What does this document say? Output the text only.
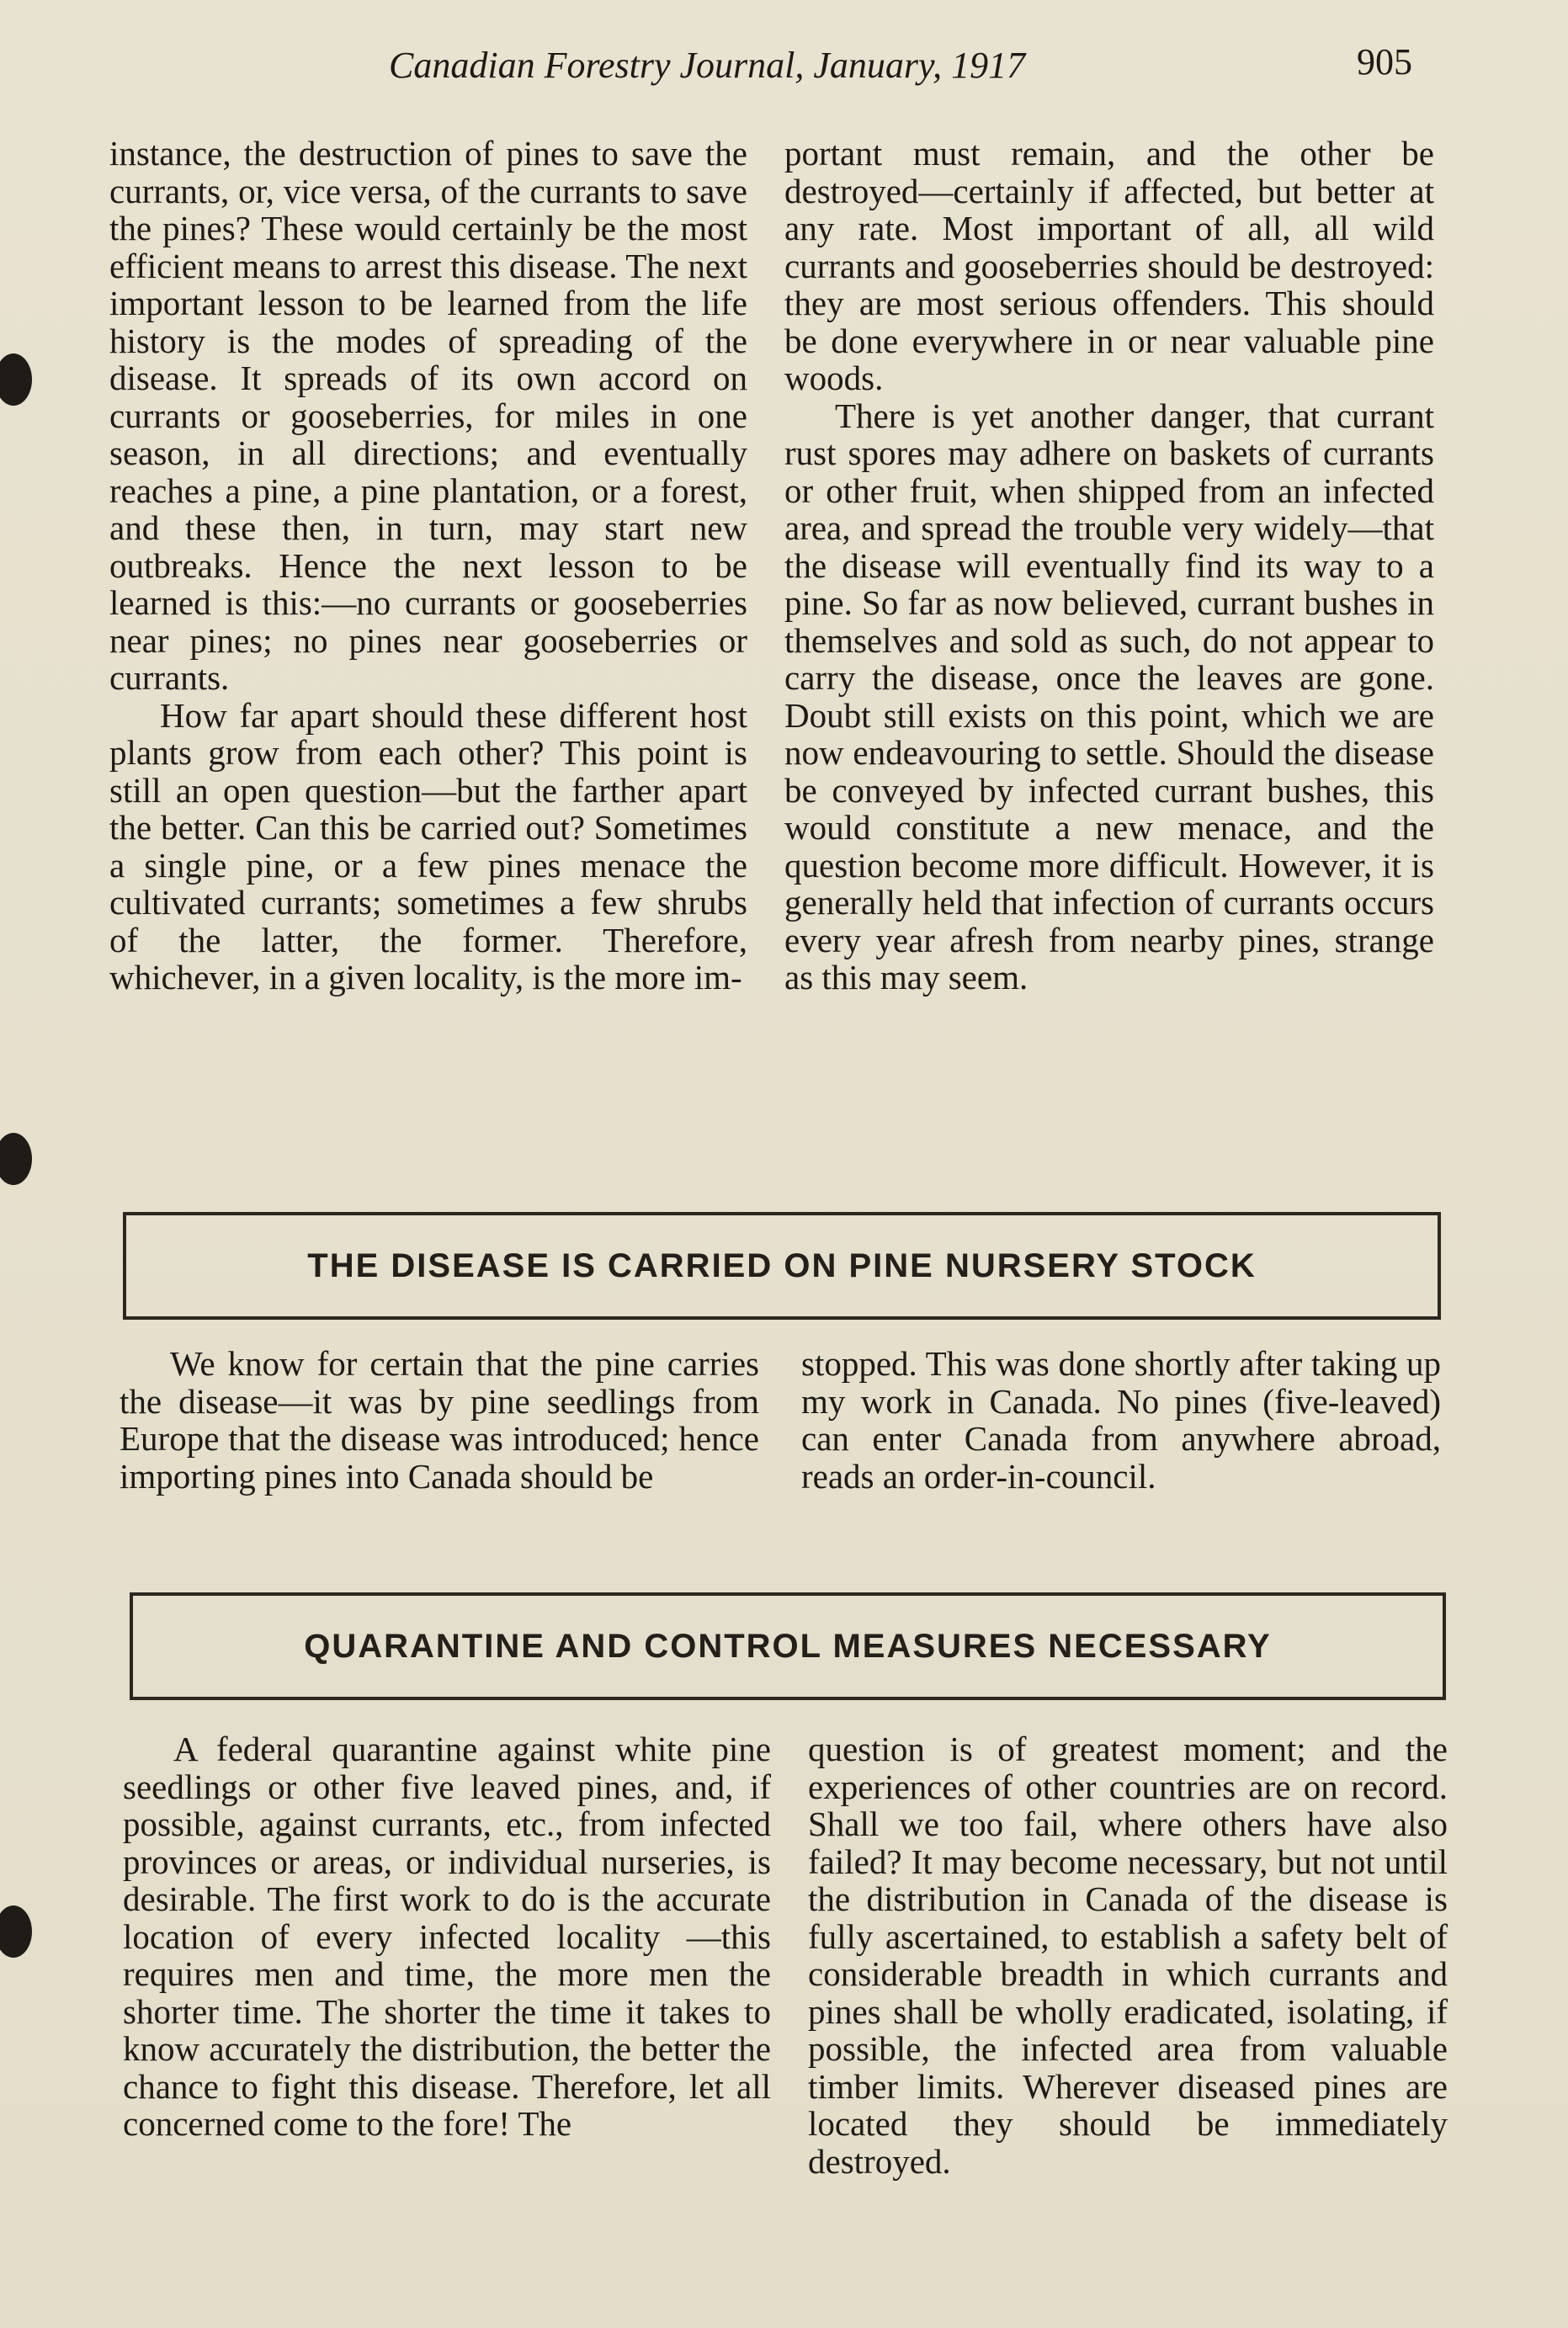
Canadian Forestry Journal, January, 1917	905

instance, the destruction of pines to save the currants, or, vice versa, of the currants to save the pines? These would certainly be the most efficient means to arrest this disease. The next important lesson to be learned from the life history is the modes of spreading of the disease. It spreads of its own accord on currants or gooseberries, for miles in one season, in all directions; and eventually reaches a pine, a pine plantation, or a forest, and these then, in turn, may start new outbreaks. Hence the next lesson to be learned is this:—no currants or gooseberries near pines; no pines near gooseberries or currants.

How far apart should these different host plants grow from each other? This point is still an open question—but the farther apart the better. Can this be carried out? Sometimes a single pine, or a few pines menace the cultivated currants; sometimes a few shrubs of the latter, the former. Therefore, whichever, in a given locality, is the more im-

portant must remain, and the other be destroyed—certainly if affected, but better at any rate. Most important of all, all wild currants and gooseberries should be destroyed: they are most serious offenders. This should be done everywhere in or near valuable pine woods.

There is yet another danger, that currant rust spores may adhere on baskets of currants or other fruit, when shipped from an infected area, and spread the trouble very widely—that the disease will eventually find its way to a pine. So far as now believed, currant bushes in themselves and sold as such, do not appear to carry the disease, once the leaves are gone. Doubt still exists on this point, which we are now endeavouring to settle. Should the disease be conveyed by infected currant bushes, this would constitute a new menace, and the question become more difficult. However, it is generally held that infection of currants occurs every year afresh from nearby pines, strange as this may seem.

THE DISEASE IS CARRIED ON PINE NURSERY STOCK

We know for certain that the pine carries the disease—it was by pine seedlings from Europe that the disease was introduced; hence importing pines into Canada should be

stopped. This was done shortly after taking up my work in Canada. No pines (five-leaved) can enter Canada from anywhere abroad, reads an order-in-council.

QUARANTINE AND CONTROL MEASURES NECESSARY

A federal quarantine against white pine seedlings or other five leaved pines, and, if possible, against currants, etc., from infected provinces or areas, or individual nurseries, is desirable. The first work to do is the accurate location of every infected locality —this requires men and time, the more men the shorter time. The shorter the time it takes to know accurately the distribution, the better the chance to fight this disease. Therefore, let all concerned come to the fore! The

question is of greatest moment; and the experiences of other countries are on record. Shall we too fail, where others have also failed? It may become necessary, but not until the distribution in Canada of the disease is fully ascertained, to establish a safety belt of considerable breadth in which currants and pines shall be wholly eradicated, isolating, if possible, the infected area from valuable timber limits. Wherever diseased pines are located they should be immediately destroyed.
